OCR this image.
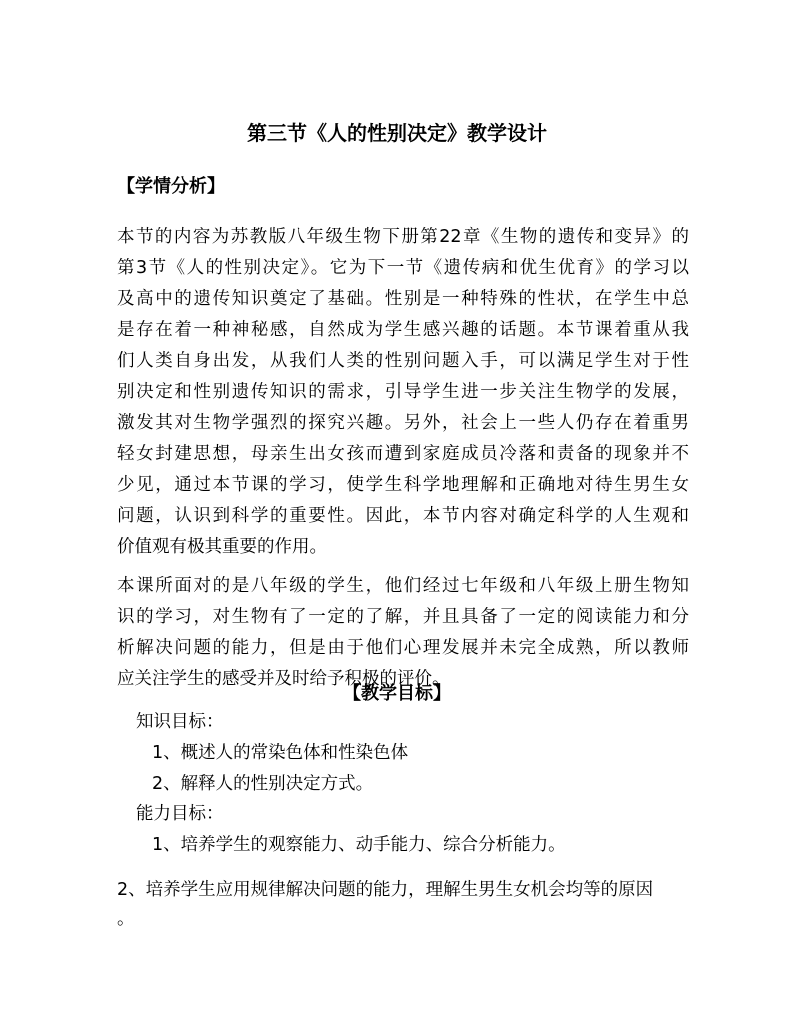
第三节《人的性别决定》教学设计
【学情分析】
本节的内容为苏教版八年级生物下册第22章《生物的遗传和变异》的
第3节《人的性别决定》。它为下一节《遗传病和优生优育》的学习以
及高中的遗传知识奠定了基础。性别是一种特殊的性状，在学生中总
是存在着一种神秘感，自然成为学生感兴趣的话题。本节课着重从我
们人类自身出发，从我们人类的性别问题入手，可以满足学生对于性
别决定和性别遗传知识的需求，引导学生进一步关注生物学的发展，
激发其对生物学强烈的探究兴趣。另外，社会上一些人仍存在着重男
轻女封建思想，母亲生出女孩而遭到家庭成员冷落和责备的现象并不
少见，通过本节课的学习，使学生科学地理解和正确地对待生男生女
问题，认识到科学的重要性。因此，本节内容对确定科学的人生观和
价值观有极其重要的作用。
本课所面对的是八年级的学生，他们经过七年级和八年级上册生物知
识的学习，对生物有了一定的了解，并且具备了一定的阅读能力和分
析解决问题的能力，但是由于他们心理发展并未完全成熟，所以教师
应关注学生的感受并及时给予积极的评价。
【教学目标】
知识目标：
1、概述人的常染色体和性染色体
2、解释人的性别决定方式。
能力目标：
1、培养学生的观察能力、动手能力、综合分析能力。
2、培养学生应用规律解决问题的能力，理解生男生女机会均等的原因
。
